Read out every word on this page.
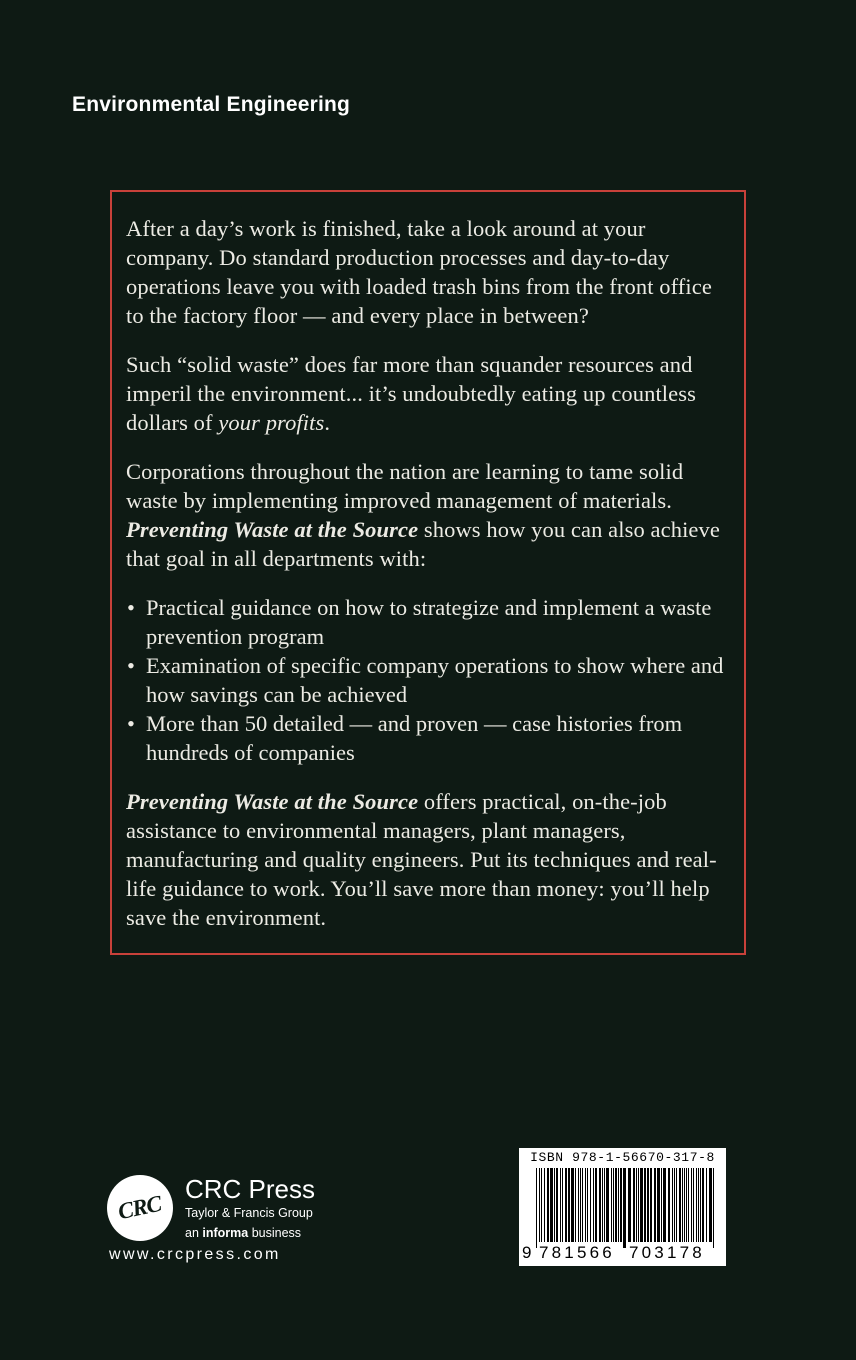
Environmental Engineering

After a day’s work is finished, take a look around at your company. Do standard production processes and day-to-day operations leave you with loaded trash bins from the front office to the factory floor — and every place in between?

Such “solid waste” does far more than squander resources and imperil the environment... it’s undoubtedly eating up countless dollars of your profits.

Corporations throughout the nation are learning to tame solid waste by implementing improved management of materials. Preventing Waste at the Source shows how you can also achieve that goal in all departments with:

• Practical guidance on how to strategize and implement a waste prevention program
• Examination of specific company operations to show where and how savings can be achieved
• More than 50 detailed — and proven — case histories from hundreds of companies

Preventing Waste at the Source offers practical, on-the-job assistance to environmental managers, plant managers, manufacturing and quality engineers. Put its techniques and real-life guidance to work. You’ll save more than money: you’ll help save the environment.

CRC
CRC Press
Taylor & Francis Group
an informa business
www.crcpress.com
ISBN 978-1-56670-317-8
9 781566 703178
